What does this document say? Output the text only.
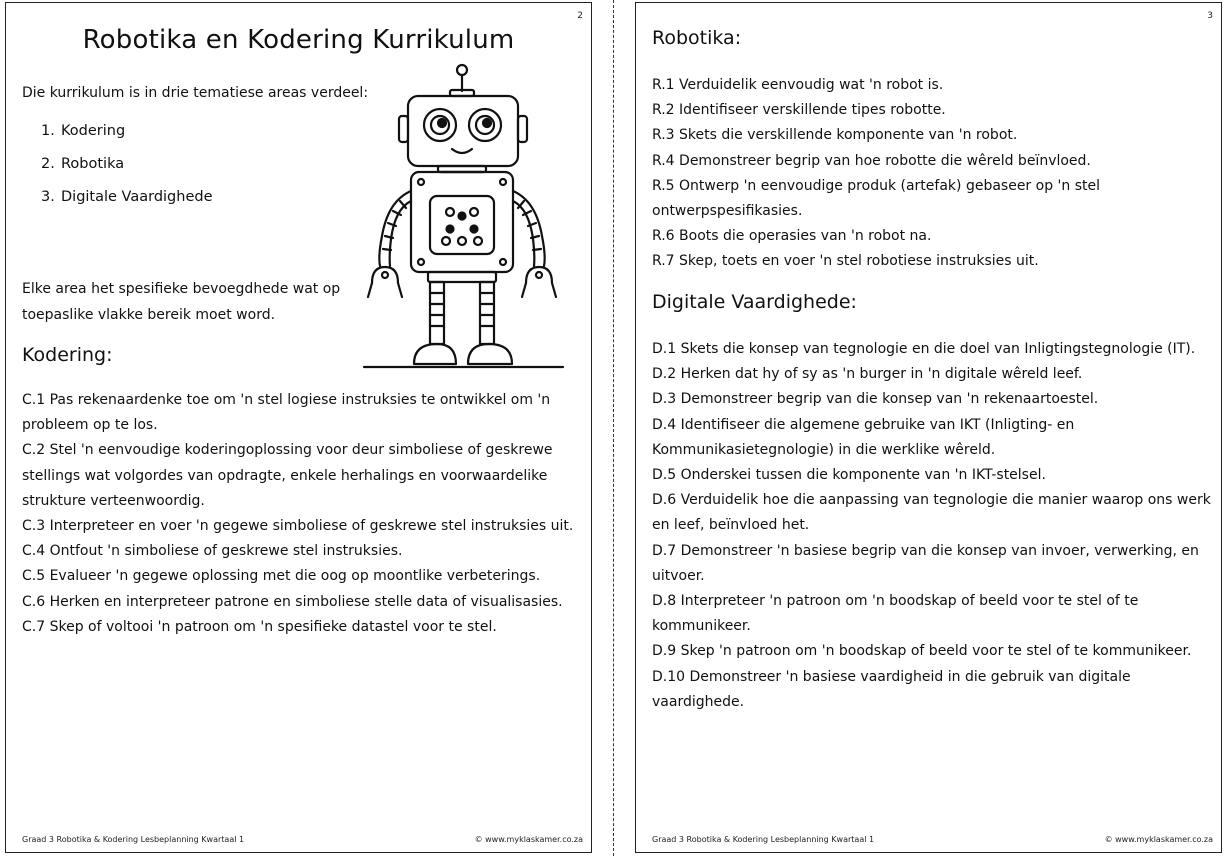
2
Robotika en Kodering Kurrikulum

Die kurrikulum is in drie tematiese areas verdeel:

1. Kodering
2. Robotika
3. Digitale Vaardighede

Elke area het spesifieke bevoegdhede wat op toepaslike vlakke bereik moet word.

Kodering:
C.1 Pas rekenaardenke toe om 'n stel logiese instruksies te ontwikkel om 'n probleem op te los.
C.2 Stel 'n eenvoudige koderingoplossing voor deur simboliese of geskrewe stellings wat volgordes van opdragte, enkele herhalings en voorwaardelike strukture verteenwoordig.
C.3 Interpreteer en voer 'n gegewe simboliese of geskrewe stel instruksies uit.
C.4 Ontfout 'n simboliese of geskrewe stel instruksies.
C.5 Evalueer 'n gegewe oplossing met die oog op moontlike verbeterings.
C.6 Herken en interpreteer patrone en simboliese stelle data of visualisasies.
C.7 Skep of voltooi 'n patroon om 'n spesifieke datastel voor te stel.
Graad 3 Robotika & Kodering Lesbeplanning Kwartaal 1	© www.myklaskamer.co.za
3
Robotika:
R.1 Verduidelik eenvoudig wat 'n robot is.
R.2 Identifiseer verskillende tipes robotte.
R.3 Skets die verskillende komponente van 'n robot.
R.4 Demonstreer begrip van hoe robotte die wêreld beïnvloed.
R.5 Ontwerp 'n eenvoudige produk (artefak) gebaseer op 'n stel ontwerpspesifikasies.
R.6 Boots die operasies van 'n robot na.
R.7 Skep, toets en voer 'n stel robotiese instruksies uit.
Digitale Vaardighede:
D.1 Skets die konsep van tegnologie en die doel van Inligtingstegnologie (IT).
D.2 Herken dat hy of sy as 'n burger in 'n digitale wêreld leef.
D.3 Demonstreer begrip van die konsep van 'n rekenaartoestel.
D.4 Identifiseer die algemene gebruike van IKT (Inligting- en Kommunikasietegnologie) in die werklike wêreld.
D.5 Onderskei tussen die komponente van 'n IKT-stelsel.
D.6 Verduidelik hoe die aanpassing van tegnologie die manier waarop ons werk en leef, beïnvloed het.
D.7 Demonstreer 'n basiese begrip van die konsep van invoer, verwerking, en uitvoer.
D.8 Interpreteer 'n patroon om 'n boodskap of beeld voor te stel of te kommunikeer.
D.9 Skep 'n patroon om 'n boodskap of beeld voor te stel of te kommunikeer.
D.10 Demonstreer 'n basiese vaardigheid in die gebruik van digitale vaardighede.
Graad 3 Robotika & Kodering Lesbeplanning Kwartaal 1	© www.myklaskamer.co.za
